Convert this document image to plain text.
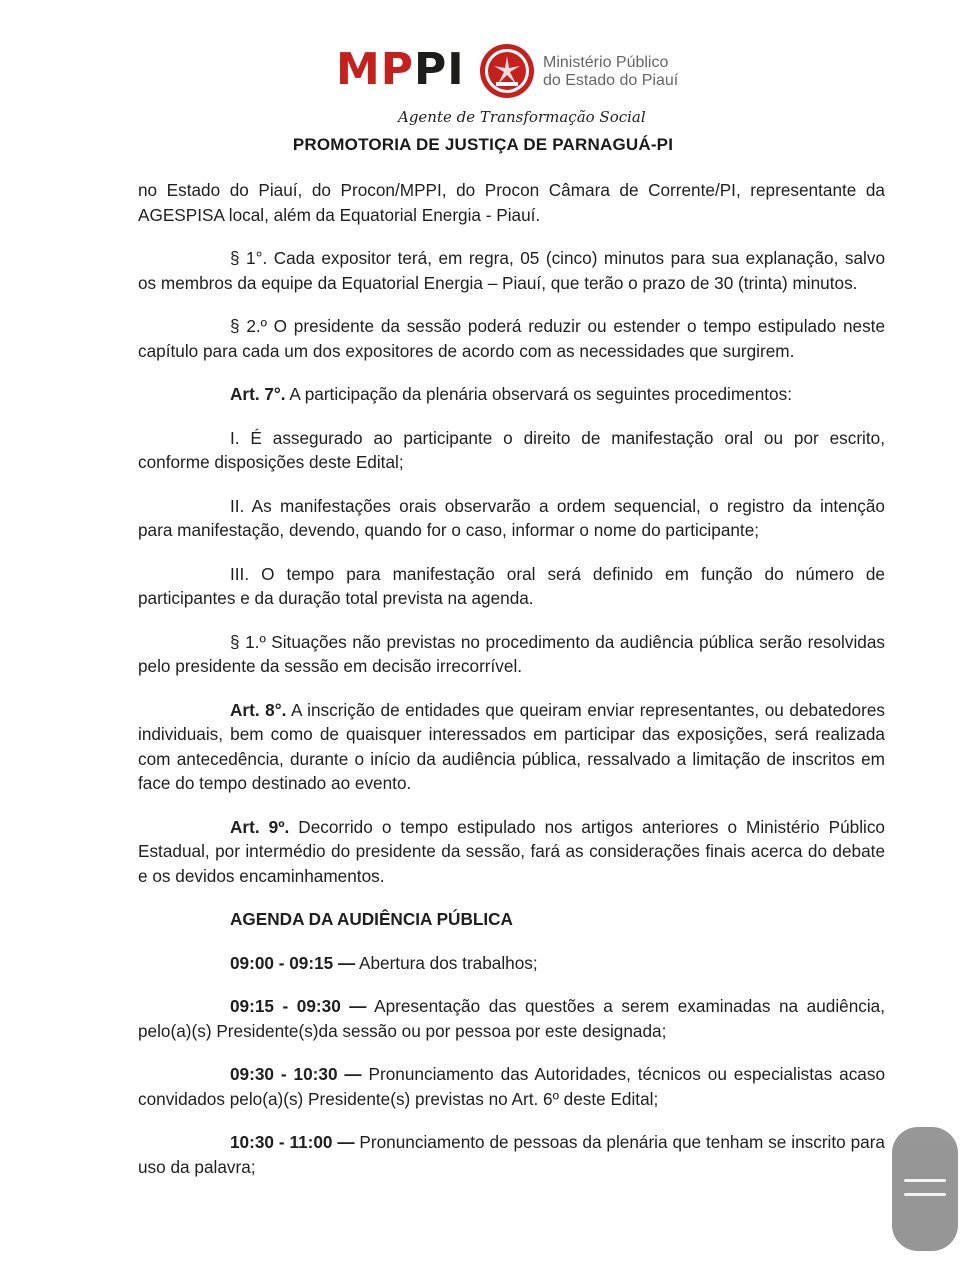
MPPI	Ministério Público
do Estado do Piauí
Agente de Transformação Social
PROMOTORIA DE JUSTIÇA DE PARNAGUÁ-PI

no Estado do Piauí, do Procon/MPPI, do Procon Câmara de Corrente/PI, representante da AGESPISA local, além da Equatorial Energia - Piauí.

§ 1°. Cada expositor terá, em regra, 05 (cinco) minutos para sua explanação, salvo os membros da equipe da Equatorial Energia – Piauí, que terão o prazo de 30 (trinta) minutos.

§ 2.º O presidente da sessão poderá reduzir ou estender o tempo estipulado neste capítulo para cada um dos expositores de acordo com as necessidades que surgirem.

Art. 7°. A participação da plenária observará os seguintes procedimentos:

I. É assegurado ao participante o direito de manifestação oral ou por escrito, conforme disposições deste Edital;

II. As manifestações orais observarão a ordem sequencial, o registro da intenção para manifestação, devendo, quando for o caso, informar o nome do participante;

III. O tempo para manifestação oral será definido em função do número de participantes e da duração total prevista na agenda.

§ 1.º Situações não previstas no procedimento da audiência pública serão resolvidas pelo presidente da sessão em decisão irrecorrível.

Art. 8°. A inscrição de entidades que queiram enviar representantes, ou debatedores individuais, bem como de quaisquer interessados em participar das exposições, será realizada com antecedência, durante o início da audiência pública, ressalvado a limitação de inscritos em face do tempo destinado ao evento.

Art. 9º. Decorrido o tempo estipulado nos artigos anteriores o Ministério Público Estadual, por intermédio do presidente da sessão, fará as considerações finais acerca do debate e os devidos encaminhamentos.

AGENDA DA AUDIÊNCIA PÚBLICA

09:00 - 09:15 — Abertura dos trabalhos;

09:15 - 09:30 — Apresentação das questões a serem examinadas na audiência, pelo(a)(s) Presidente(s)da sessão ou por pessoa por este designada;

09:30 - 10:30 — Pronunciamento das Autoridades, técnicos ou especialistas acaso convidados pelo(a)(s) Presidente(s) previstas no Art. 6º deste Edital;

10:30 - 11:00 — Pronunciamento de pessoas da plenária que tenham se inscrito para uso da palavra;
